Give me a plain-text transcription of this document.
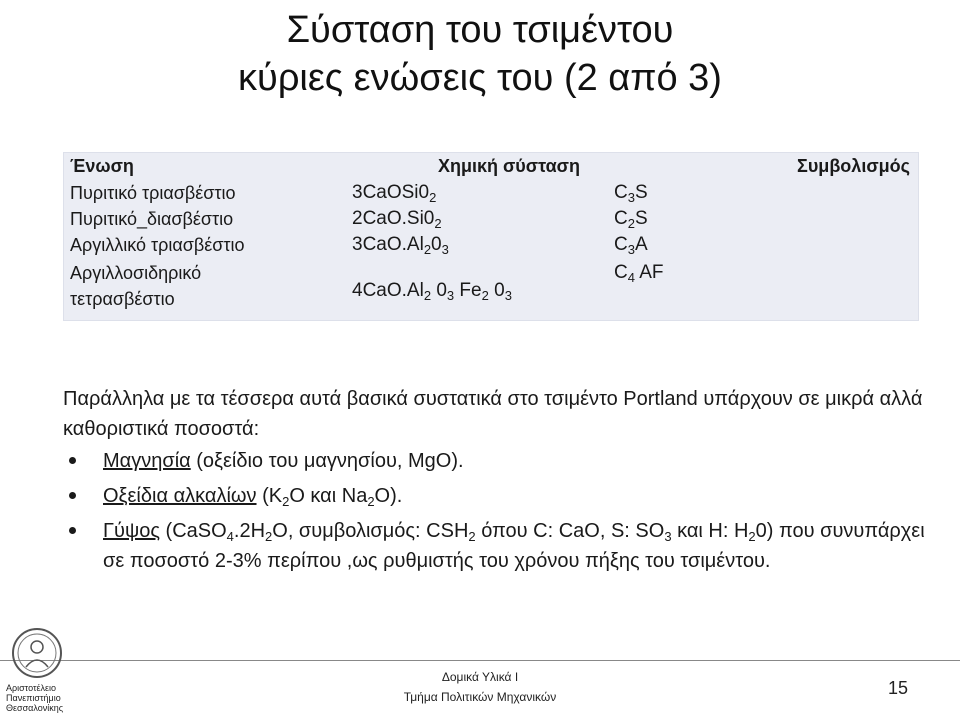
Σύσταση του τσιμέντου
κύριες ενώσεις του (2 από 3)
Ένωση	Χημική σύσταση	Συμβολισμός
Πυριτικό τριασβέστιο	$3CaOSi0_2$	$C_3S$
Πυριτικό_διασβέστιο	$2CaO.Si0_2$	$C_2S$
Αργιλλικό τριασβέστιο	$3CaO.Al_20_3$	$C_3A$

Αργιλλοσιδηρικό
τετρασβέστιο	$4CaO.Al_2$ $0_3$ $Fe_2$ $0_3$	$C_4$ AF

Παράλληλα με τα τέσσερα αυτά βασικά συστατικά στο τσιμέντο Portland υπάρχουν σε μικρά αλλά καθοριστικά ποσοστά:

Μαγνησία (οξείδιο του μαγνησίου, MgO).
Οξείδια αλκαλίων ($K_2O$ και $Na_2O$).
Γύψος ($CaSO_4.2H_2O$, συμβολισμός: $CSH_2$ όπου C: CaO, S: $SO_3$ και H: $H_20$) που συνυπάρχει σε ποσοστό 2-3% περίπου ,ως ρυθμιστής του χρόνου πήξης του τσιμέντου.
Αριστοτέλειο
Πανεπιστήμιο
Θεσσαλονίκης
Δομικά Υλικά Ι
Τμήμα Πολιτικών Μηχανικών	15
